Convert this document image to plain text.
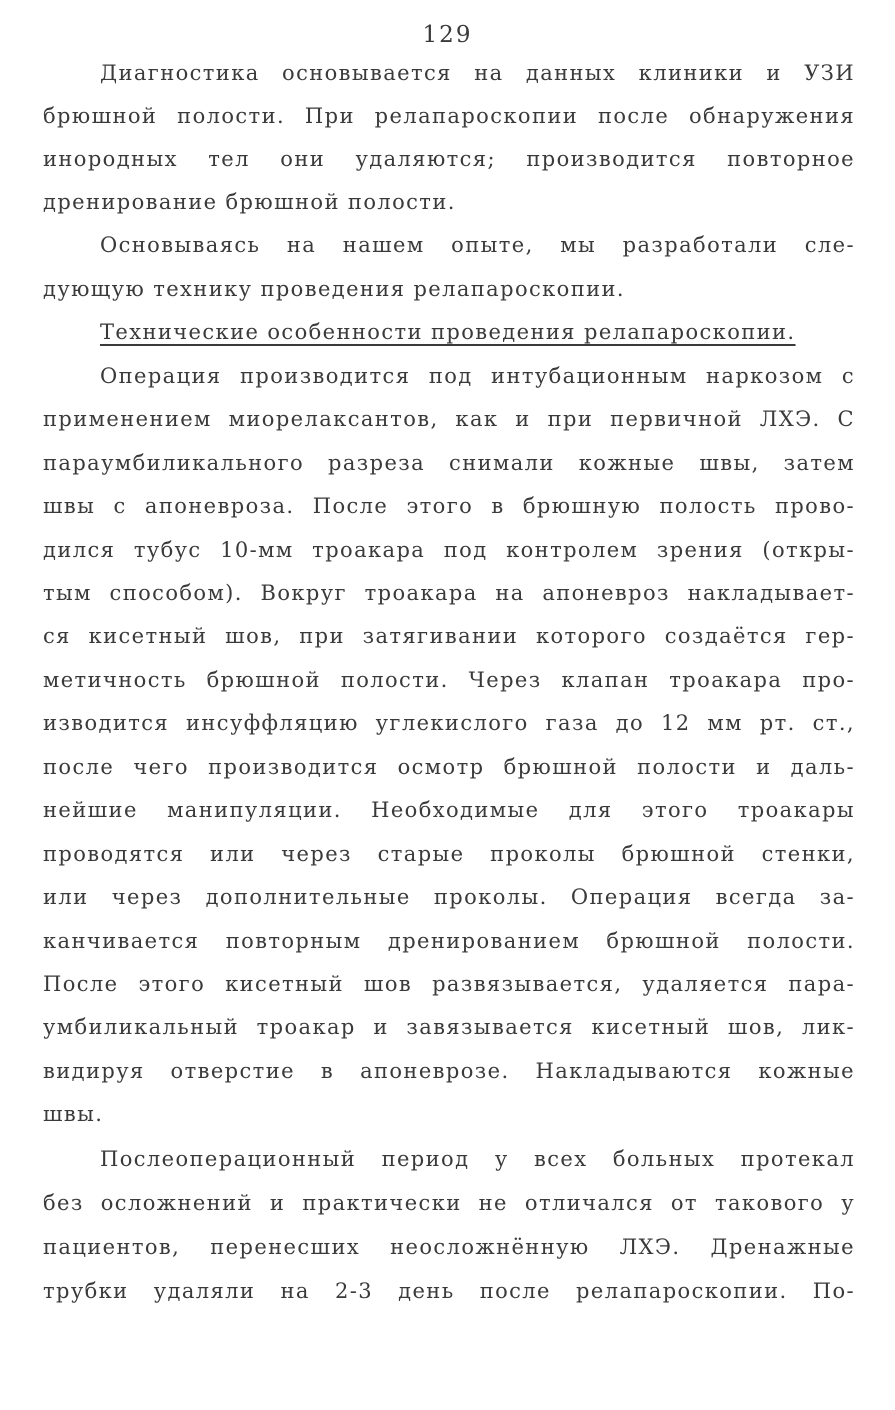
129
Диагностика основывается на данных клиники и УЗИ
брюшной полости. При релапароскопии после обнаружения
инородных тел они удаляются; производится повторное
дренирование брюшной полости.
Основываясь на нашем опыте, мы разработали сле-
дующую технику проведения релапароскопии.
Технические особенности проведения релапароскопии.
Операция производится под интубационным наркозом с
применением миорелаксантов, как и при первичной ЛХЭ. С
параумбиликального разреза снимали кожные швы, затем
швы с апоневроза. После этого в брюшную полость прово-
дился тубус 10-мм троакара под контролем зрения (откры-
тым способом). Вокруг троакара на апоневроз накладывает-
ся кисетный шов, при затягивании которого создаётся гер-
метичность брюшной полости. Через клапан троакара про-
изводится инсуффляцию углекислого газа до 12 мм рт. ст.,
после чего производится осмотр брюшной полости и даль-
нейшие манипуляции. Необходимые для этого троакары
проводятся или через старые проколы брюшной стенки,
или через дополнительные проколы. Операция всегда за-
канчивается повторным дренированием брюшной полости.
После этого кисетный шов развязывается, удаляется пара-
умбиликальный троакар и завязывается кисетный шов, лик-
видируя отверстие в апоневрозе. Накладываются кожные
швы.
Послеоперационный период у всех больных протекал
без осложнений и практически не отличался от такового у
пациентов, перенесших неосложнённую ЛХЭ. Дренажные
трубки удаляли на 2-3 день после релапароскопии. По-
